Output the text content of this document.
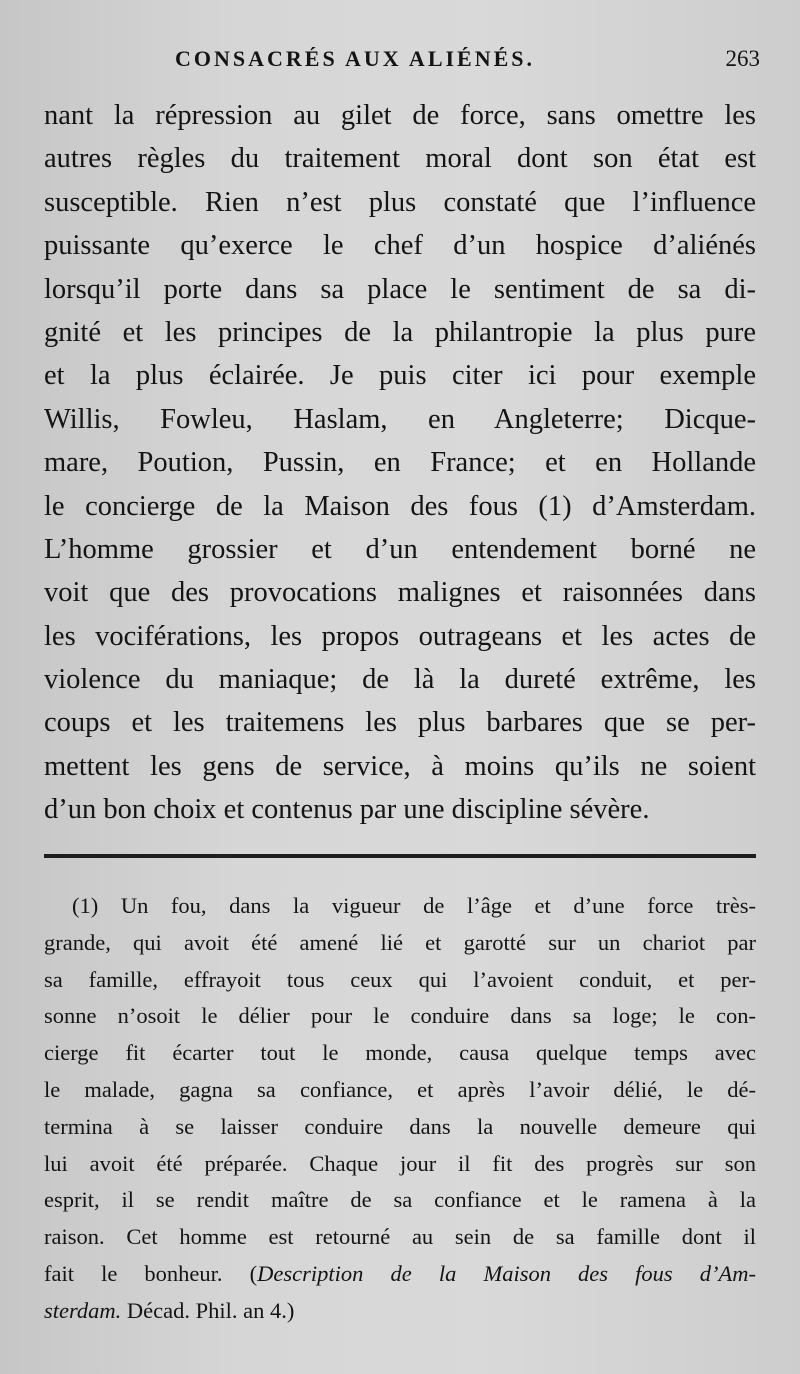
CONSACRÉS AUX ALIÉNÉS.	263
nant la répression au gilet de force, sans omettre les
autres règles du traitement moral dont son état est
susceptible. Rien n’est plus constaté que l’influence
puissante qu’exerce le chef d’un hospice d’aliénés
lorsqu’il porte dans sa place le sentiment de sa di-
gnité et les principes de la philantropie la plus pure
et la plus éclairée. Je puis citer ici pour exemple
Willis, Fowleu, Haslam, en Angleterre; Dicque-
mare, Poution, Pussin, en France; et en Hollande
le concierge de la Maison des fous (1) d’Amsterdam.
L’homme grossier et d’un entendement borné ne
voit que des provocations malignes et raisonnées dans
les vociférations, les propos outrageans et les actes de
violence du maniaque; de là la dureté extrême, les
coups et les traitemens les plus barbares que se per-
mettent les gens de service, à moins qu’ils ne soient
d’un bon choix et contenus par une discipline sévère.
(1) Un fou, dans la vigueur de l’âge et d’une force très-
grande, qui avoit été amené lié et garotté sur un chariot par
sa famille, effrayoit tous ceux qui l’avoient conduit, et per-
sonne n’osoit le délier pour le conduire dans sa loge; le con-
cierge fit écarter tout le monde, causa quelque temps avec
le malade, gagna sa confiance, et après l’avoir délié, le dé-
termina à se laisser conduire dans la nouvelle demeure qui
lui avoit été préparée. Chaque jour il fit des progrès sur son
esprit, il se rendit maître de sa confiance et le ramena à la
raison. Cet homme est retourné au sein de sa famille dont il
fait le bonheur. (Description de la Maison des fous d’Am-
sterdam. Décad. Phil. an 4.)
